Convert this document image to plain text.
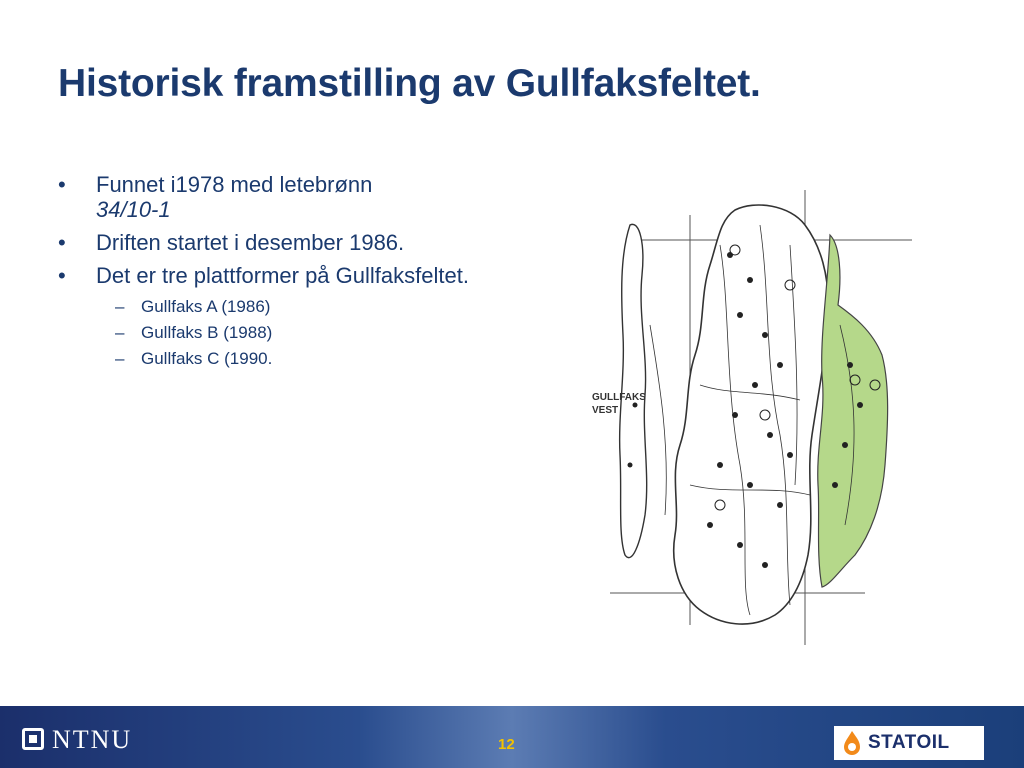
Historisk framstilling av Gullfaksfeltet.
• Funnet i1978 med letebrønn
34/10-1
• Driften startet i desember 1986.
• Det er tre plattformer på Gullfaksfeltet.
– Gullfaks A (1986)
– Gullfaks B (1988)
– Gullfaks C (1990.
GULLFAKS
VEST
NTNU	12	STATOIL
